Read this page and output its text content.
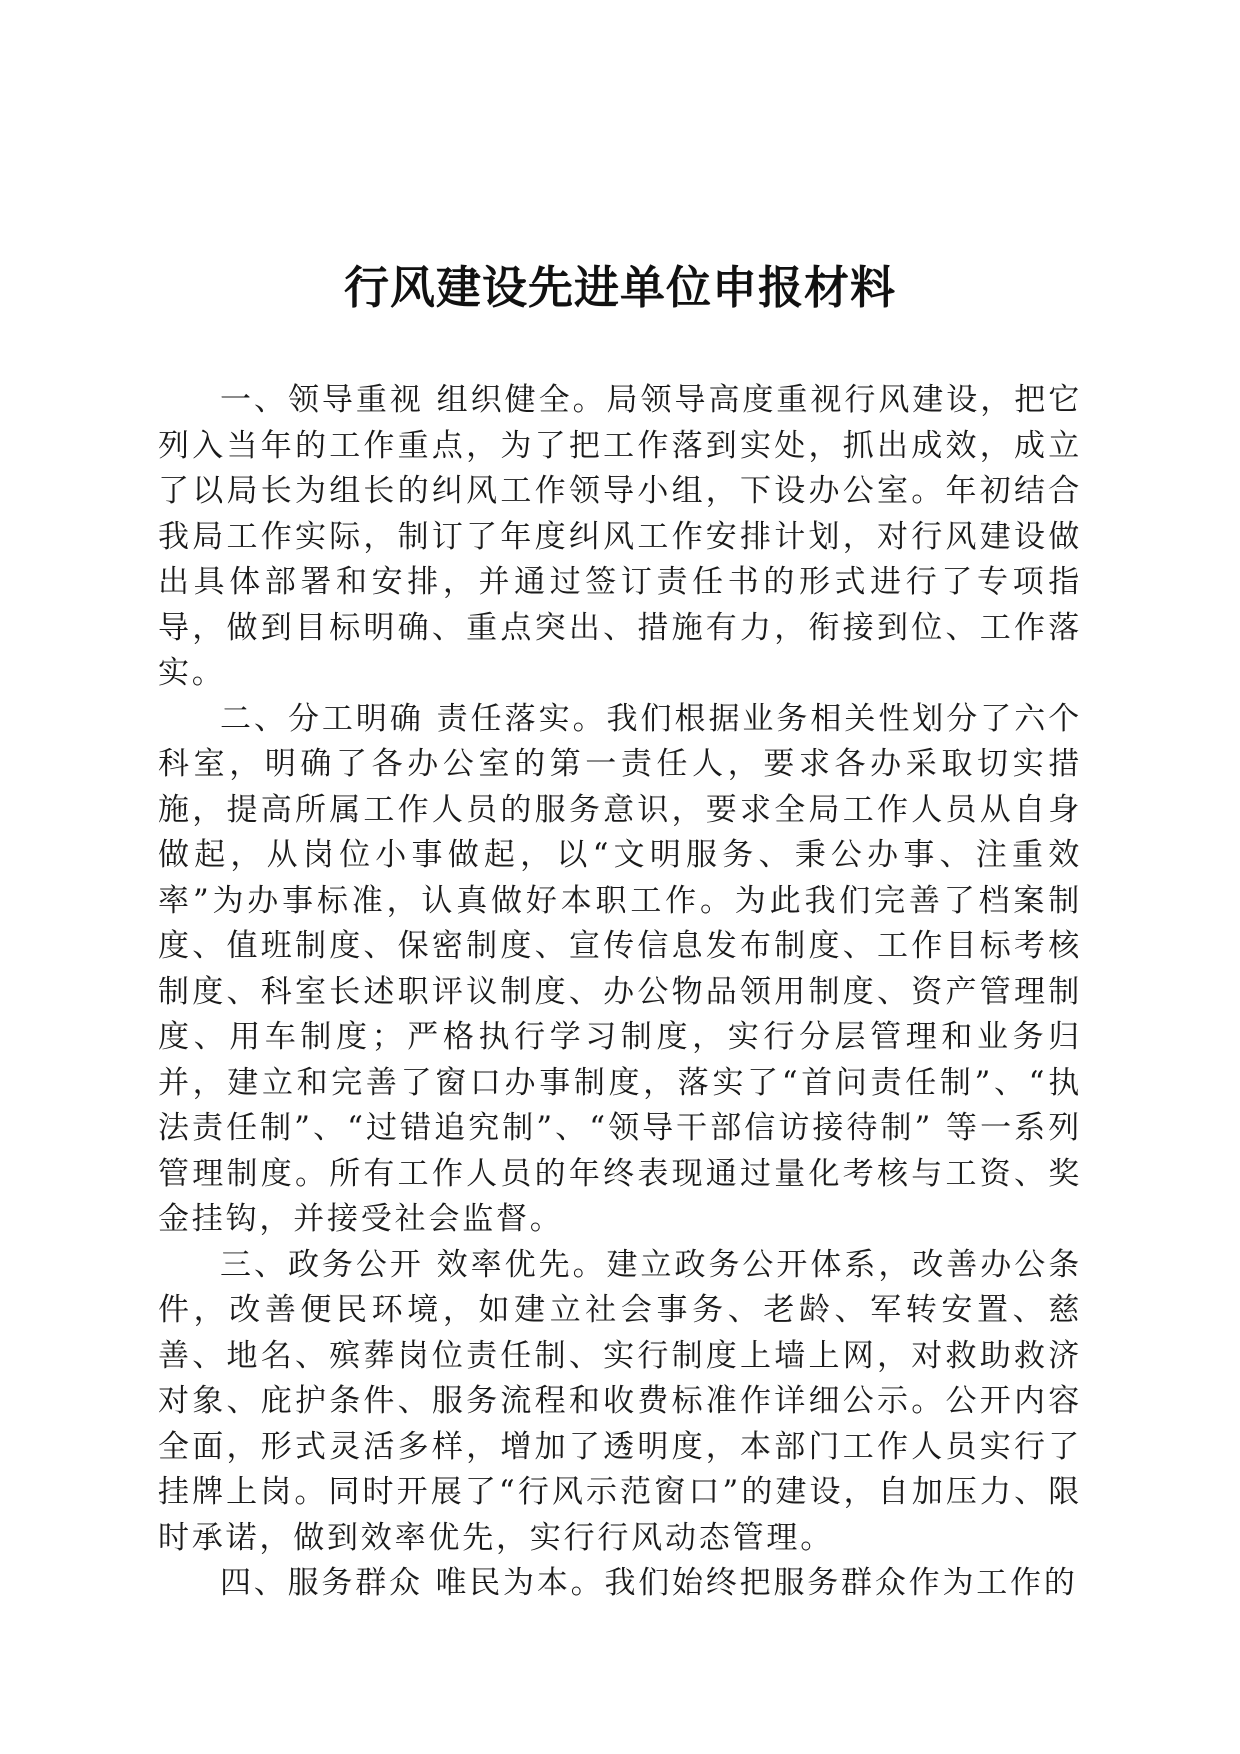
行风建设先进单位申报材料

一、领导重视 组织健全。局领导高度重视行风建设，把它列入当年的工作重点，为了把工作落到实处，抓出成效，成立了以局长为组长的纠风工作领导小组，下设办公室。年初结合我局工作实际，制订了年度纠风工作安排计划，对行风建设做出具体部署和安排，并通过签订责任书的形式进行了专项指导，做到目标明确、重点突出、措施有力，衔接到位、工作落实。

二、分工明确 责任落实。我们根据业务相关性划分了六个科室，明确了各办公室的第一责任人，要求各办采取切实措施，提高所属工作人员的服务意识，要求全局工作人员从自身做起，从岗位小事做起，以“文明服务、秉公办事、注重效率”为办事标准，认真做好本职工作。为此我们完善了档案制度、值班制度、保密制度、宣传信息发布制度、工作目标考核制度、科室长述职评议制度、办公物品领用制度、资产管理制度、用车制度；严格执行学习制度，实行分层管理和业务归并，建立和完善了窗口办事制度，落实了“首问责任制”、“执法责任制”、“过错追究制”、“领导干部信访接待制” 等一系列管理制度。所有工作人员的年终表现通过量化考核与工资、奖金挂钩，并接受社会监督。

三、政务公开 效率优先。建立政务公开体系，改善办公条件，改善便民环境，如建立社会事务、老龄、军转安置、慈善、地名、殡葬岗位责任制、实行制度上墙上网，对救助救济对象、庇护条件、服务流程和收费标准作详细公示。公开内容全面，形式灵活多样，增加了透明度，本部门工作人员实行了挂牌上岗。同时开展了“行风示范窗口”的建设，自加压力、限时承诺，做到效率优先，实行行风动态管理。

四、服务群众 唯民为本。我们始终把服务群众作为工作的
